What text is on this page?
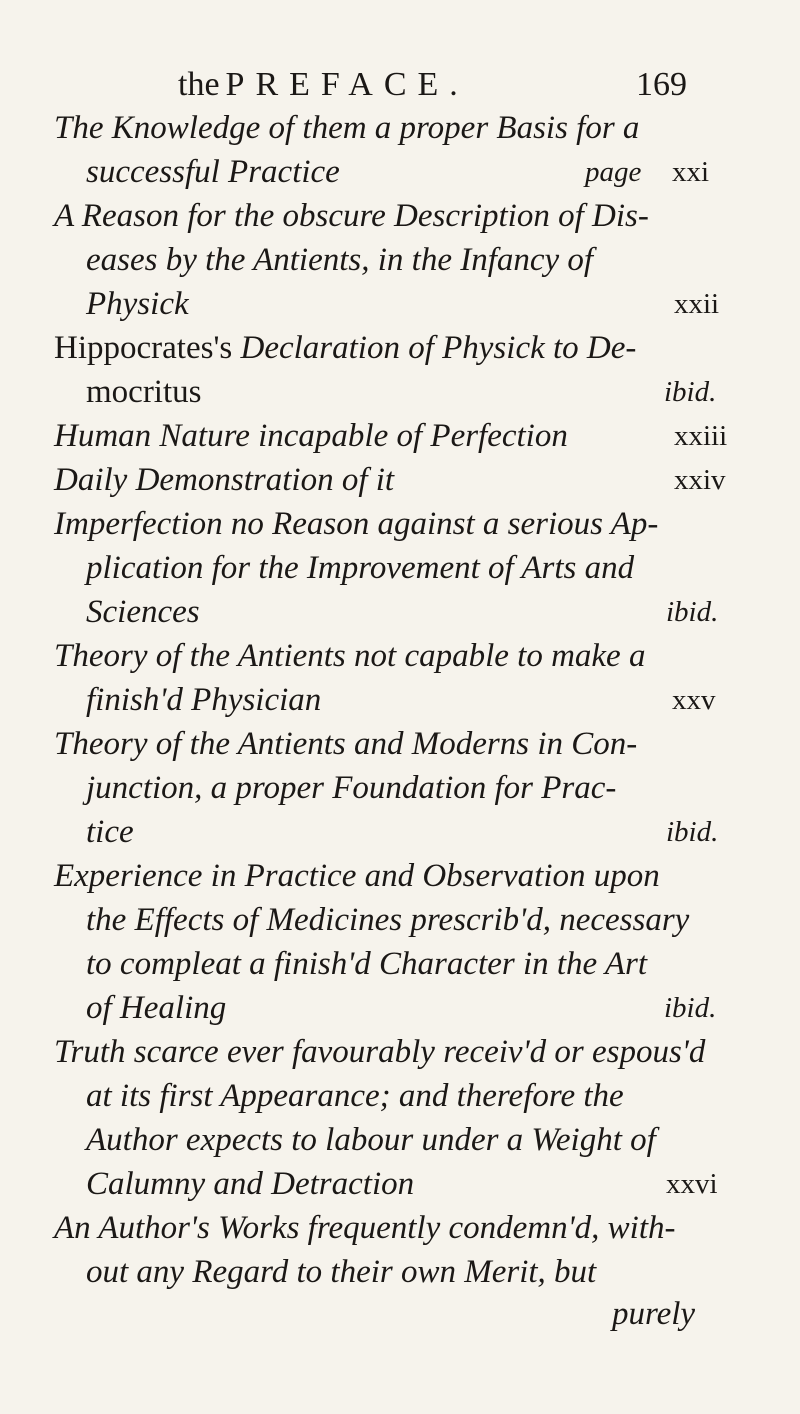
the PREFACE.	169
The Knowledge of them a proper Basis for a
successful Practice	page xxi
A Reason for the obscure Description of Dis-
eases by the Antients, in the Infancy of
Physick	xxii
Hippocrates's Declaration of Physick to De-
mocritus	ibid.
Human Nature incapable of Perfection	xxiii
Daily Demonstration of it	xxiv
Imperfection no Reason against a serious Ap-
plication for the Improvement of Arts and
Sciences	ibid.
Theory of the Antients not capable to make a
finish'd Physician	xxv
Theory of the Antients and Moderns in Con-
junction, a proper Foundation for Prac-
tice	ibid.
Experience in Practice and Observation upon
the Effects of Medicines prescrib'd, necessary
to compleat a finish'd Character in the Art
of Healing	ibid.
Truth scarce ever favourably receiv'd or espous'd
at its first Appearance; and therefore the
Author expects to labour under a Weight of
Calumny and Detraction	xxvi
An Author's Works frequently condemn'd, with-
out any Regard to their own Merit, but
purely
